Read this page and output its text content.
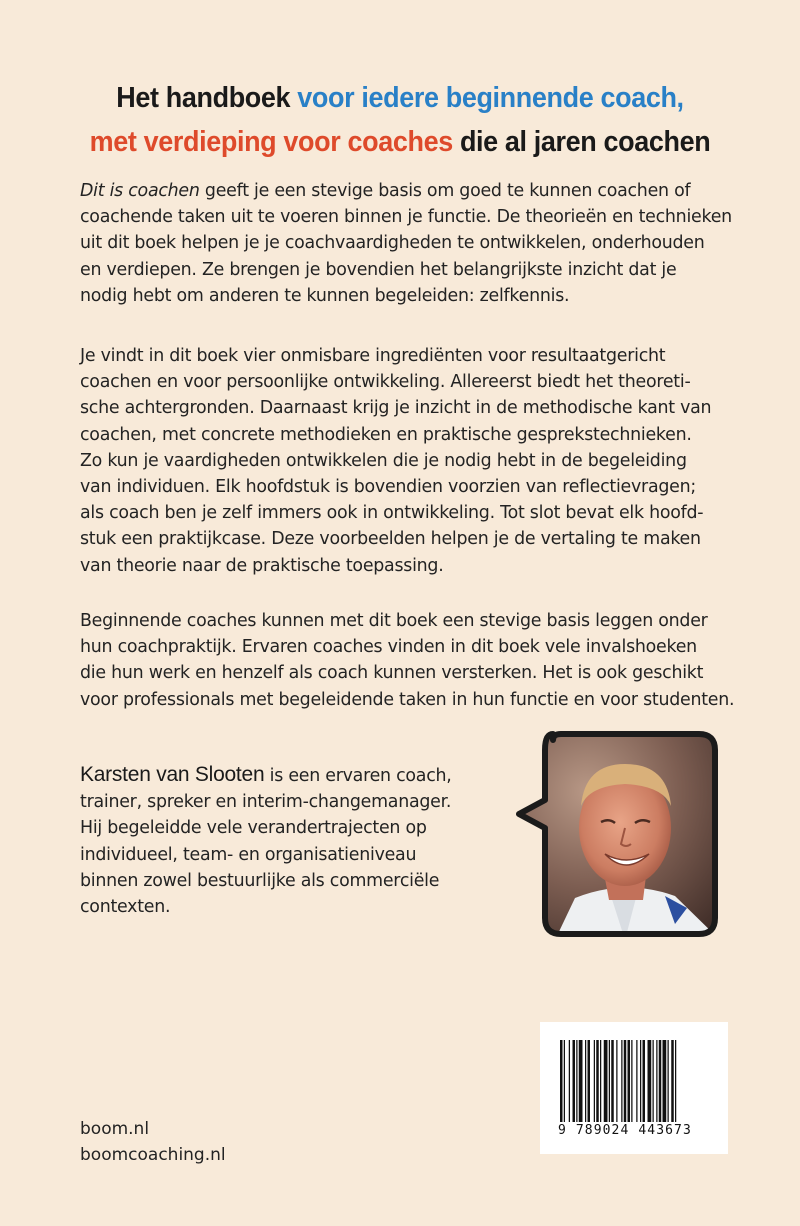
Het handboek voor iedere beginnende coach,
met verdieping voor coaches die al jaren coachen
Dit is coachen geeft je een stevige basis om goed te kunnen coachen of
coachende taken uit te voeren binnen je functie. De theorieën en technieken
uit dit boek helpen je je coachvaardigheden te ontwikkelen, onderhouden
en verdiepen. Ze brengen je bovendien het belangrijkste inzicht dat je
nodig hebt om anderen te kunnen begeleiden: zelfkennis.
Je vindt in dit boek vier onmisbare ingrediënten voor resultaatgericht
coachen en voor persoonlijke ontwikkeling. Allereerst biedt het theoreti-
sche achtergronden. Daarnaast krijg je inzicht in de methodische kant van
coachen, met concrete methodieken en praktische gesprekstechnieken.
Zo kun je vaardigheden ontwikkelen die je nodig hebt in de begeleiding
van individuen. Elk hoofdstuk is bovendien voorzien van reflectievragen;
als coach ben je zelf immers ook in ontwikkeling. Tot slot bevat elk hoofd-
stuk een praktijkcase. Deze voorbeelden helpen je de vertaling te maken
van theorie naar de praktische toepassing.
Beginnende coaches kunnen met dit boek een stevige basis leggen onder
hun coachpraktijk. Ervaren coaches vinden in dit boek vele invalshoeken
die hun werk en henzelf als coach kunnen versterken. Het is ook geschikt
voor professionals met begeleidende taken in hun functie en voor studenten.
Karsten van Slooten is een ervaren coach,
trainer, spreker en interim-changemanager.
Hij begeleidde vele verandertrajecten op
individueel, team- en organisatieniveau
binnen zowel bestuurlijke als commerciële
contexten.
9 789024 443673
boom.nl
boomcoaching.nl
